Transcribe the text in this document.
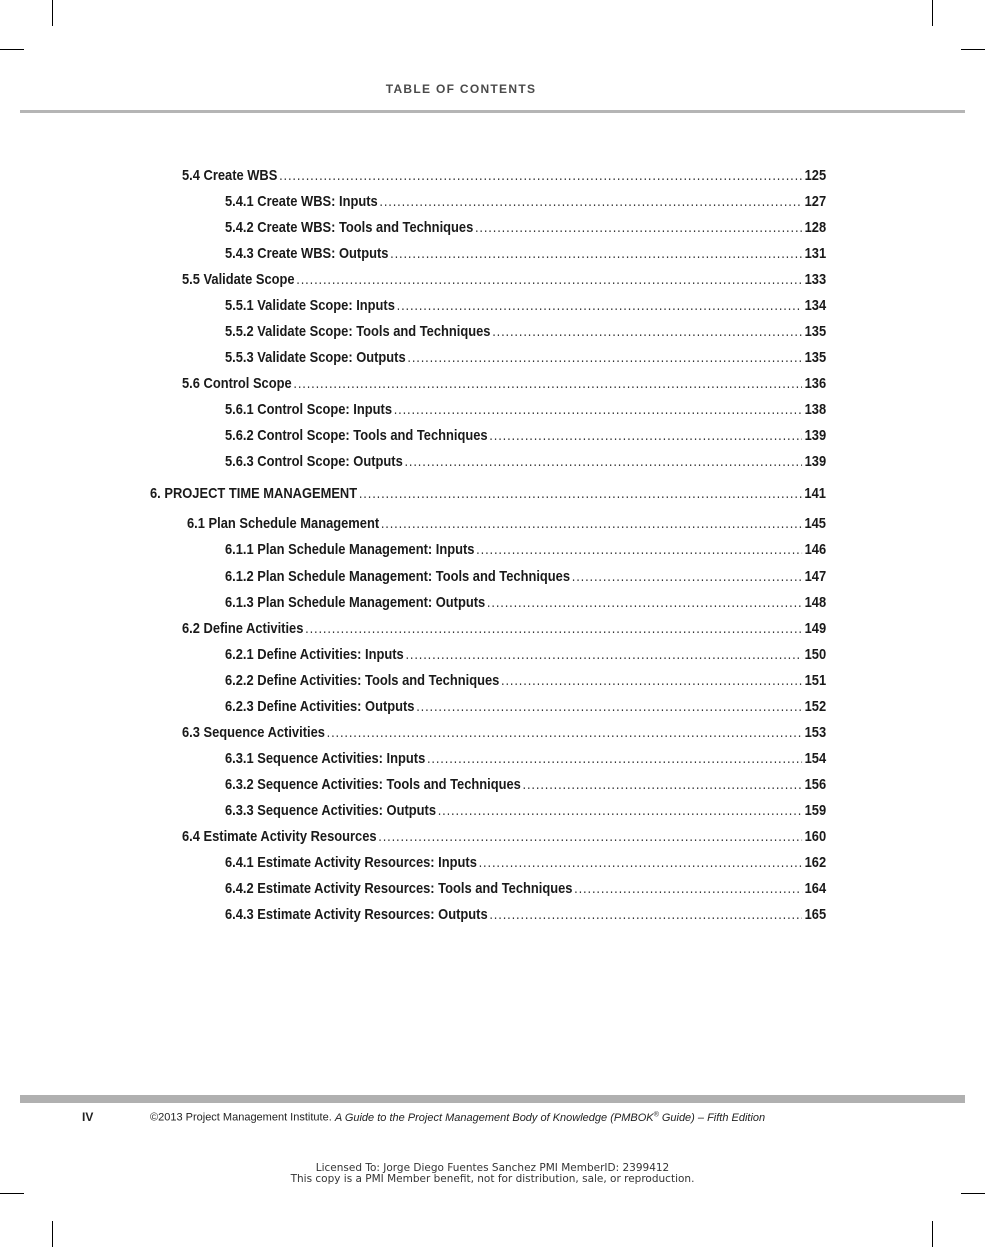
TABLE OF CONTENTS
5.4 Create WBS .....	125
5.4.1 Create WBS: Inputs .....	127
5.4.2 Create WBS: Tools and Techniques .....	128
5.4.3 Create WBS: Outputs .....	131
5.5 Validate Scope .....	133
5.5.1 Validate Scope: Inputs .....	134
5.5.2 Validate Scope: Tools and Techniques .....	135
5.5.3 Validate Scope: Outputs .....	135
5.6 Control Scope .....	136
5.6.1 Control Scope: Inputs .....	138
5.6.2 Control Scope: Tools and Techniques .....	139
5.6.3 Control Scope: Outputs .....	139
6. PROJECT TIME MANAGEMENT .....	141
6.1 Plan Schedule Management .....	145
6.1.1 Plan Schedule Management: Inputs .....	146
6.1.2 Plan Schedule Management: Tools and Techniques .....	147
6.1.3 Plan Schedule Management: Outputs .....	148
6.2 Define Activities .....	149
6.2.1 Define Activities: Inputs .....	150
6.2.2 Define Activities: Tools and Techniques .....	151
6.2.3 Define Activities: Outputs .....	152
6.3 Sequence Activities .....	153
6.3.1 Sequence Activities: Inputs .....	154
6.3.2 Sequence Activities: Tools and Techniques .....	156
6.3.3 Sequence Activities: Outputs .....	159
6.4 Estimate Activity Resources .....	160
6.4.1 Estimate Activity Resources: Inputs .....	162
6.4.2 Estimate Activity Resources: Tools and Techniques .....	164
6.4.3 Estimate Activity Resources: Outputs .....	165
IV	©2013 Project Management Institute. A Guide to the Project Management Body of Knowledge (PMBOK® Guide) – Fifth Edition
Licensed To: Jorge Diego Fuentes Sanchez PMI MemberID: 2399412
This copy is a PMI Member benefit, not for distribution, sale, or reproduction.
